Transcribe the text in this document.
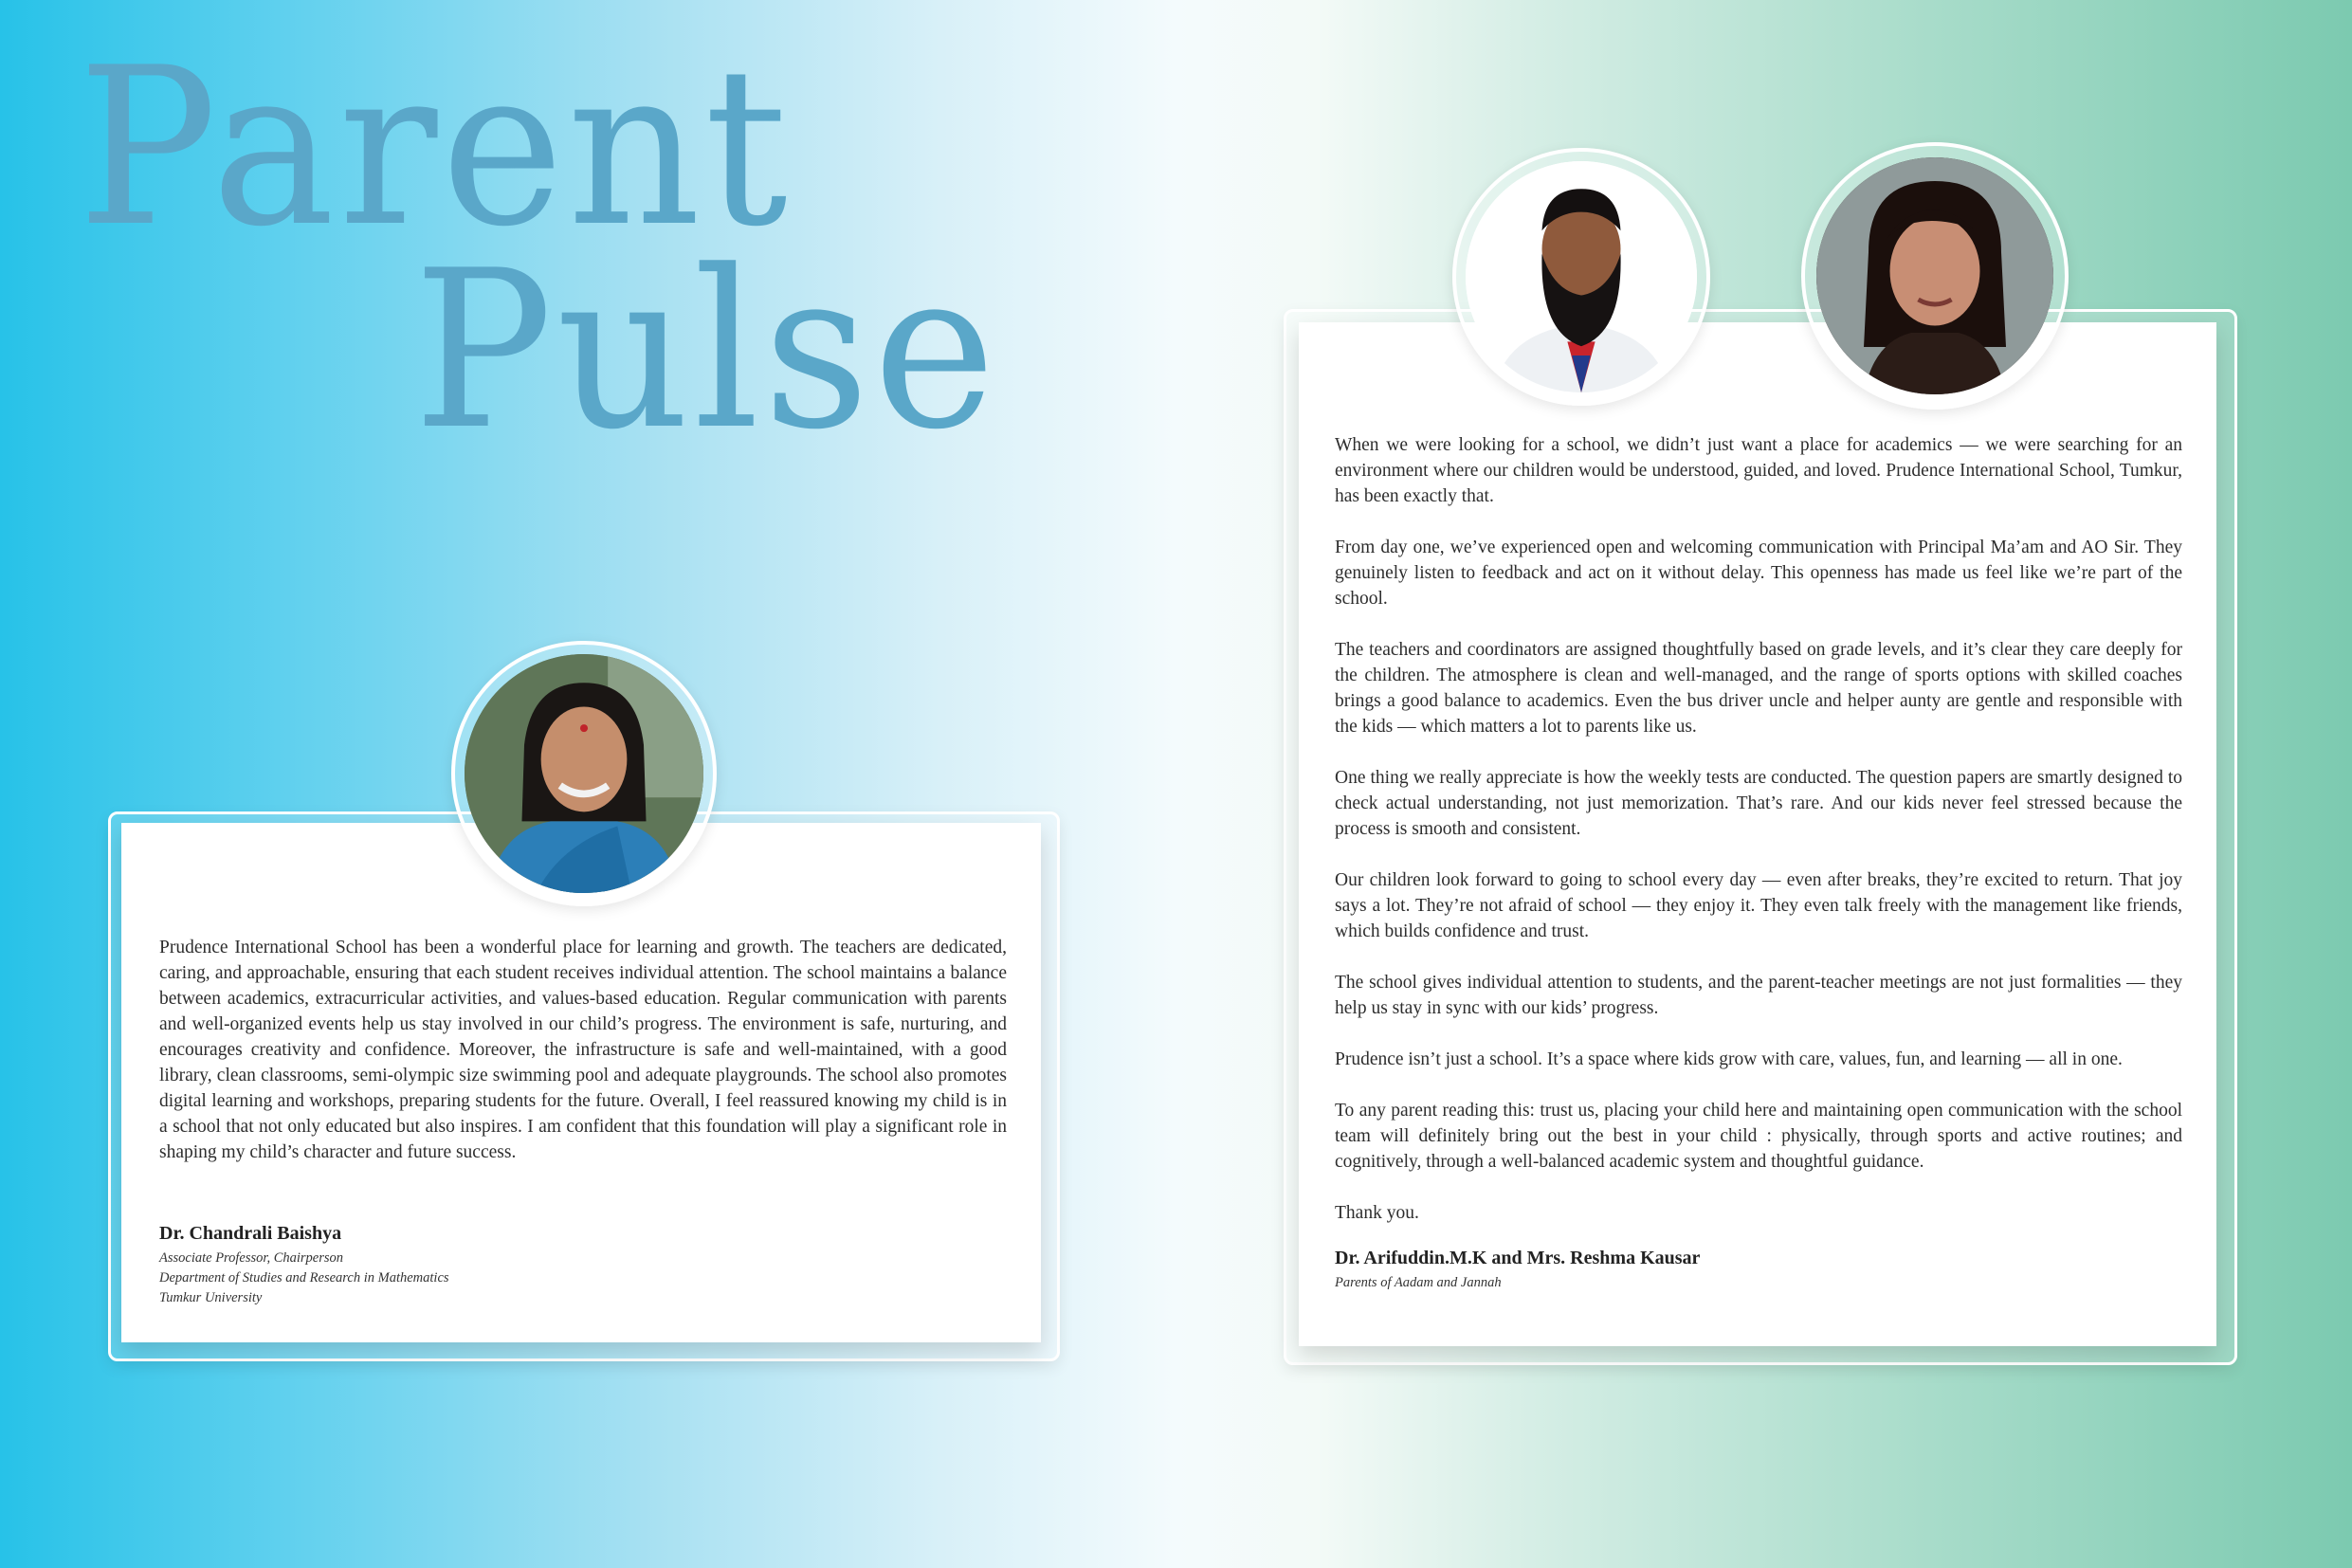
Parent
Pulse

Prudence International School has been a wonderful place for learning and growth. The teachers are dedicated, caring, and approachable, ensuring that each student receives individual attention. The school maintains a balance between academics, extracurricular activities, and values-based education. Regular communication with parents and well-organized events help us stay involved in our child’s progress. The environment is safe, nurturing, and encourages creativity and confidence. Moreover, the infrastructure is safe and well-maintained, with a good library, clean classrooms, semi-olympic size swimming pool and adequate playgrounds. The school also promotes digital learning and workshops, preparing students for the future. Overall, I feel reassured knowing my child is in a school that not only educated but also inspires. I am confident that this foundation will play a significant role in shaping my child’s character and future success.

Dr. Chandrali Baishya

Associate Professor, Chairperson

Department of Studies and Research in Mathematics

Tumkur University

When we were looking for a school, we didn’t just want a place for academics — we were searching for an environment where our children would be understood, guided, and loved. Prudence International School, Tumkur, has been exactly that.

From day one, we’ve experienced open and welcoming communication with Principal Ma’am and AO Sir. They genuinely listen to feedback and act on it without delay. This openness has made us feel like we’re part of the school.

The teachers and coordinators are assigned thoughtfully based on grade levels, and it’s clear they care deeply for the children. The atmosphere is clean and well-managed, and the range of sports options with skilled coaches brings a good balance to academics. Even the bus driver uncle and helper aunty are gentle and responsible with the kids — which matters a lot to parents like us.

One thing we really appreciate is how the weekly tests are conducted. The question papers are smartly designed to check actual understanding, not just memorization. That’s rare. And our kids never feel stressed because the process is smooth and consistent.

Our children look forward to going to school every day — even after breaks, they’re excited to return. That joy says a lot. They’re not afraid of school — they enjoy it. They even talk freely with the management like friends, which builds confidence and trust.

The school gives individual attention to students, and the parent-teacher meetings are not just formalities — they help us stay in sync with our kids’ progress.

Prudence isn’t just a school. It’s a space where kids grow with care, values, fun, and learning — all in one.

To any parent reading this: trust us, placing your child here and maintaining open communication with the school team will definitely bring out the best in your child : physically, through sports and active routines; and cognitively, through a well-balanced academic system and thoughtful guidance.

Thank you.

Dr. Arifuddin.M.K and Mrs. Reshma Kausar

Parents of Aadam and Jannah
